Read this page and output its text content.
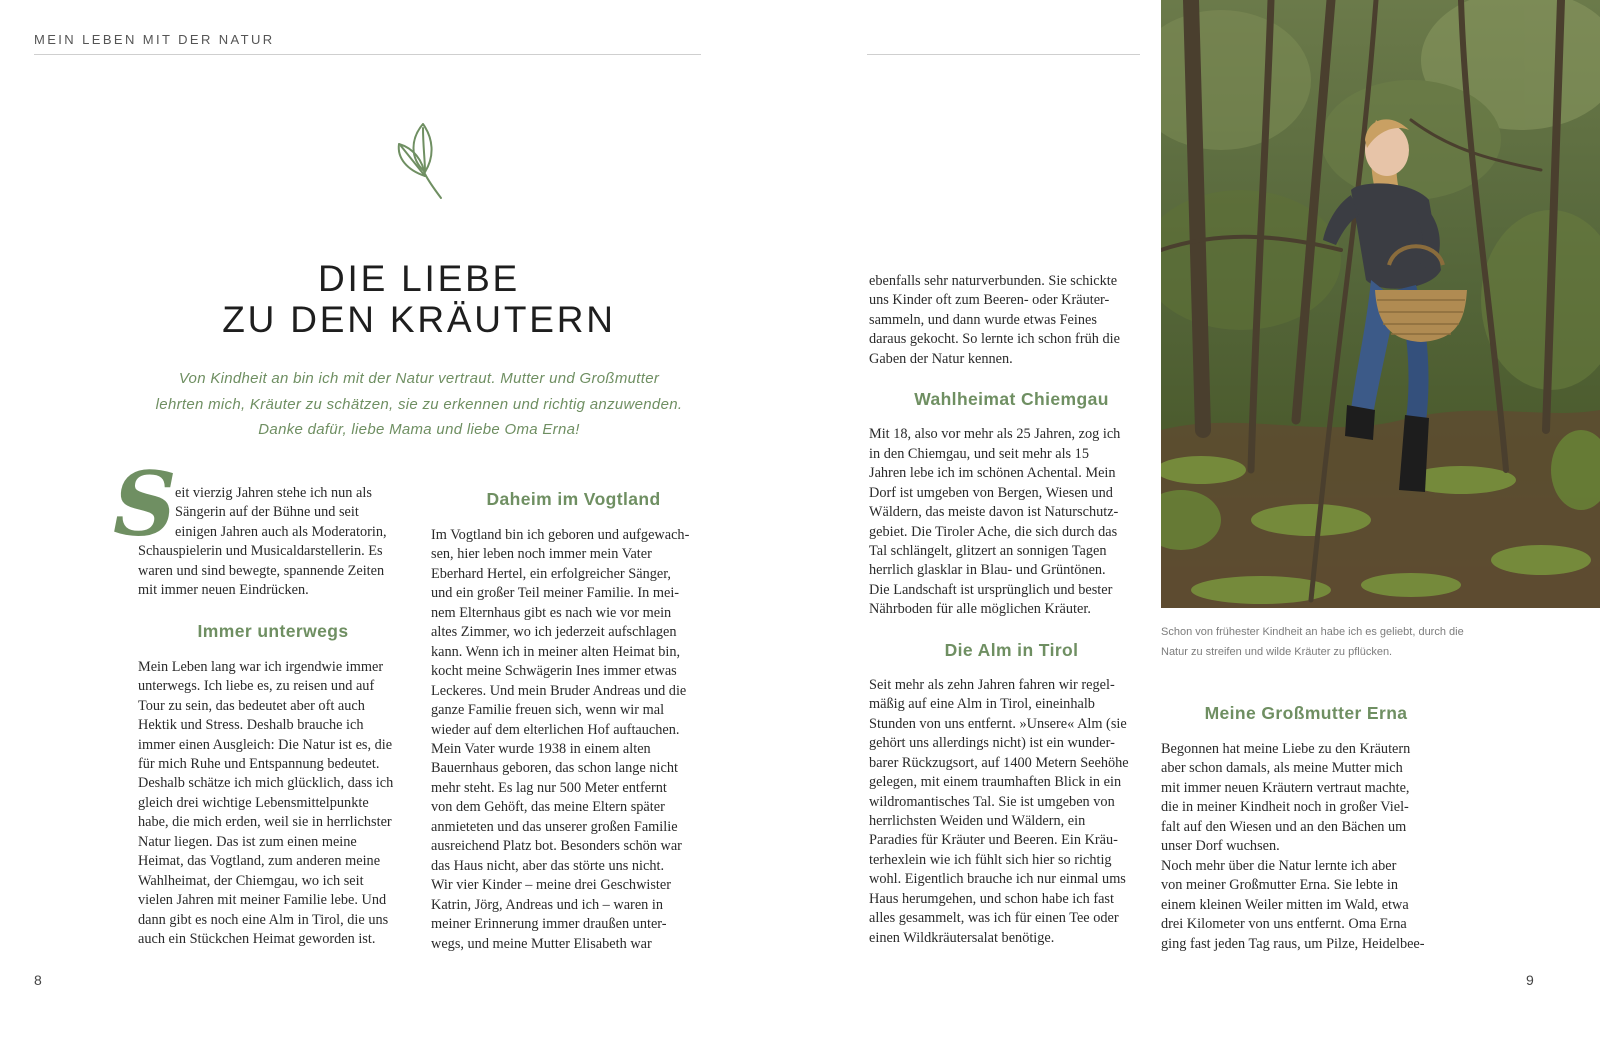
MEIN LEBEN MIT DER NATUR
DIE LIEBE
ZU DEN KRÄUTERN
Von Kindheit an bin ich mit der Natur vertraut. Mutter und Großmutter
lehrten mich, Kräuter zu schätzen, sie zu erkennen und richtig anzuwenden.
Danke dafür, liebe Mama und liebe Oma Erna!
S

eit vierzig Jahren stehe ich nun als
Sängerin auf der Bühne und seit
einigen Jahren auch als Moderatorin,
Schauspielerin und Musicaldarstellerin. Es
waren und sind bewegte, spannende Zeiten
mit immer neuen Eindrücken.

Immer unterwegs

Mein Leben lang war ich irgendwie immer
unterwegs. Ich liebe es, zu reisen und auf
Tour zu sein, das bedeutet aber oft auch
Hektik und Stress. Deshalb brauche ich
immer einen Ausgleich: Die Natur ist es, die
für mich Ruhe und Entspannung bedeutet.
Deshalb schätze ich mich glücklich, dass ich
gleich drei wichtige Lebensmittelpunkte
habe, die mich erden, weil sie in herrlichster
Natur liegen. Das ist zum einen meine
Heimat, das Vogtland, zum anderen meine
Wahlheimat, der Chiemgau, wo ich seit
vielen Jahren mit meiner Familie lebe. Und
dann gibt es noch eine Alm in Tirol, die uns
auch ein Stückchen Heimat geworden ist.

Daheim im Vogtland

Im Vogtland bin ich geboren und aufgewach-
sen, hier leben noch immer mein Vater
Eberhard Hertel, ein erfolgreicher Sänger,
und ein großer Teil meiner Familie. In mei-
nem Elternhaus gibt es nach wie vor mein
altes Zimmer, wo ich jederzeit aufschlagen
kann. Wenn ich in meiner alten Heimat bin,
kocht meine Schwägerin Ines immer etwas
Leckeres. Und mein Bruder Andreas und die
ganze Familie freuen sich, wenn wir mal
wieder auf dem elterlichen Hof auftauchen.
Mein Vater wurde 1938 in einem alten
Bauernhaus geboren, das schon lange nicht
mehr steht. Es lag nur 500 Meter entfernt
von dem Gehöft, das meine Eltern später
anmieteten und das unserer großen Familie
ausreichend Platz bot. Besonders schön war
das Haus nicht, aber das störte uns nicht.
Wir vier Kinder – meine drei Geschwister
Katrin, Jörg, Andreas und ich – waren in
meiner Erinnerung immer draußen unter-
wegs, und meine Mutter Elisabeth war

8

ebenfalls sehr naturverbunden. Sie schickte
uns Kinder oft zum Beeren- oder Kräuter-
sammeln, und dann wurde etwas Feines
daraus gekocht. So lernte ich schon früh die
Gaben der Natur kennen.

Wahlheimat Chiemgau

Mit 18, also vor mehr als 25 Jahren, zog ich
in den Chiemgau, und seit mehr als 15
Jahren lebe ich im schönen Achental. Mein
Dorf ist umgeben von Bergen, Wiesen und
Wäldern, das meiste davon ist Naturschutz-
gebiet. Die Tiroler Ache, die sich durch das
Tal schlängelt, glitzert an sonnigen Tagen
herrlich glasklar in Blau- und Grüntönen.
Die Landschaft ist ursprünglich und bester
Nährboden für alle möglichen Kräuter.

Die Alm in Tirol

Seit mehr als zehn Jahren fahren wir regel-
mäßig auf eine Alm in Tirol, eineinhalb
Stunden von uns entfernt. »Unsere« Alm (sie
gehört uns allerdings nicht) ist ein wunder-
barer Rückzugsort, auf 1400 Metern Seehöhe
gelegen, mit einem traumhaften Blick in ein
wildromantisches Tal. Sie ist umgeben von
herrlichsten Weiden und Wäldern, ein
Paradies für Kräuter und Beeren. Ein Kräu-
terhexlein wie ich fühlt sich hier so richtig
wohl. Eigentlich brauche ich nur einmal ums
Haus herumgehen, und schon habe ich fast
alles gesammelt, was ich für einen Tee oder
einen Wildkräutersalat benötige.

Schon von frühester Kindheit an habe ich es geliebt, durch die
Natur zu streifen und wilde Kräuter zu pflücken.
Meine Großmutter Erna

Begonnen hat meine Liebe zu den Kräutern
aber schon damals, als meine Mutter mich
mit immer neuen Kräutern vertraut machte,
die in meiner Kindheit noch in großer Viel-
falt auf den Wiesen und an den Bächen um
unser Dorf wuchsen.
Noch mehr über die Natur lernte ich aber
von meiner Großmutter Erna. Sie lebte in
einem kleinen Weiler mitten im Wald, etwa
drei Kilometer von uns entfernt. Oma Erna
ging fast jeden Tag raus, um Pilze, Heidelbee-

9
